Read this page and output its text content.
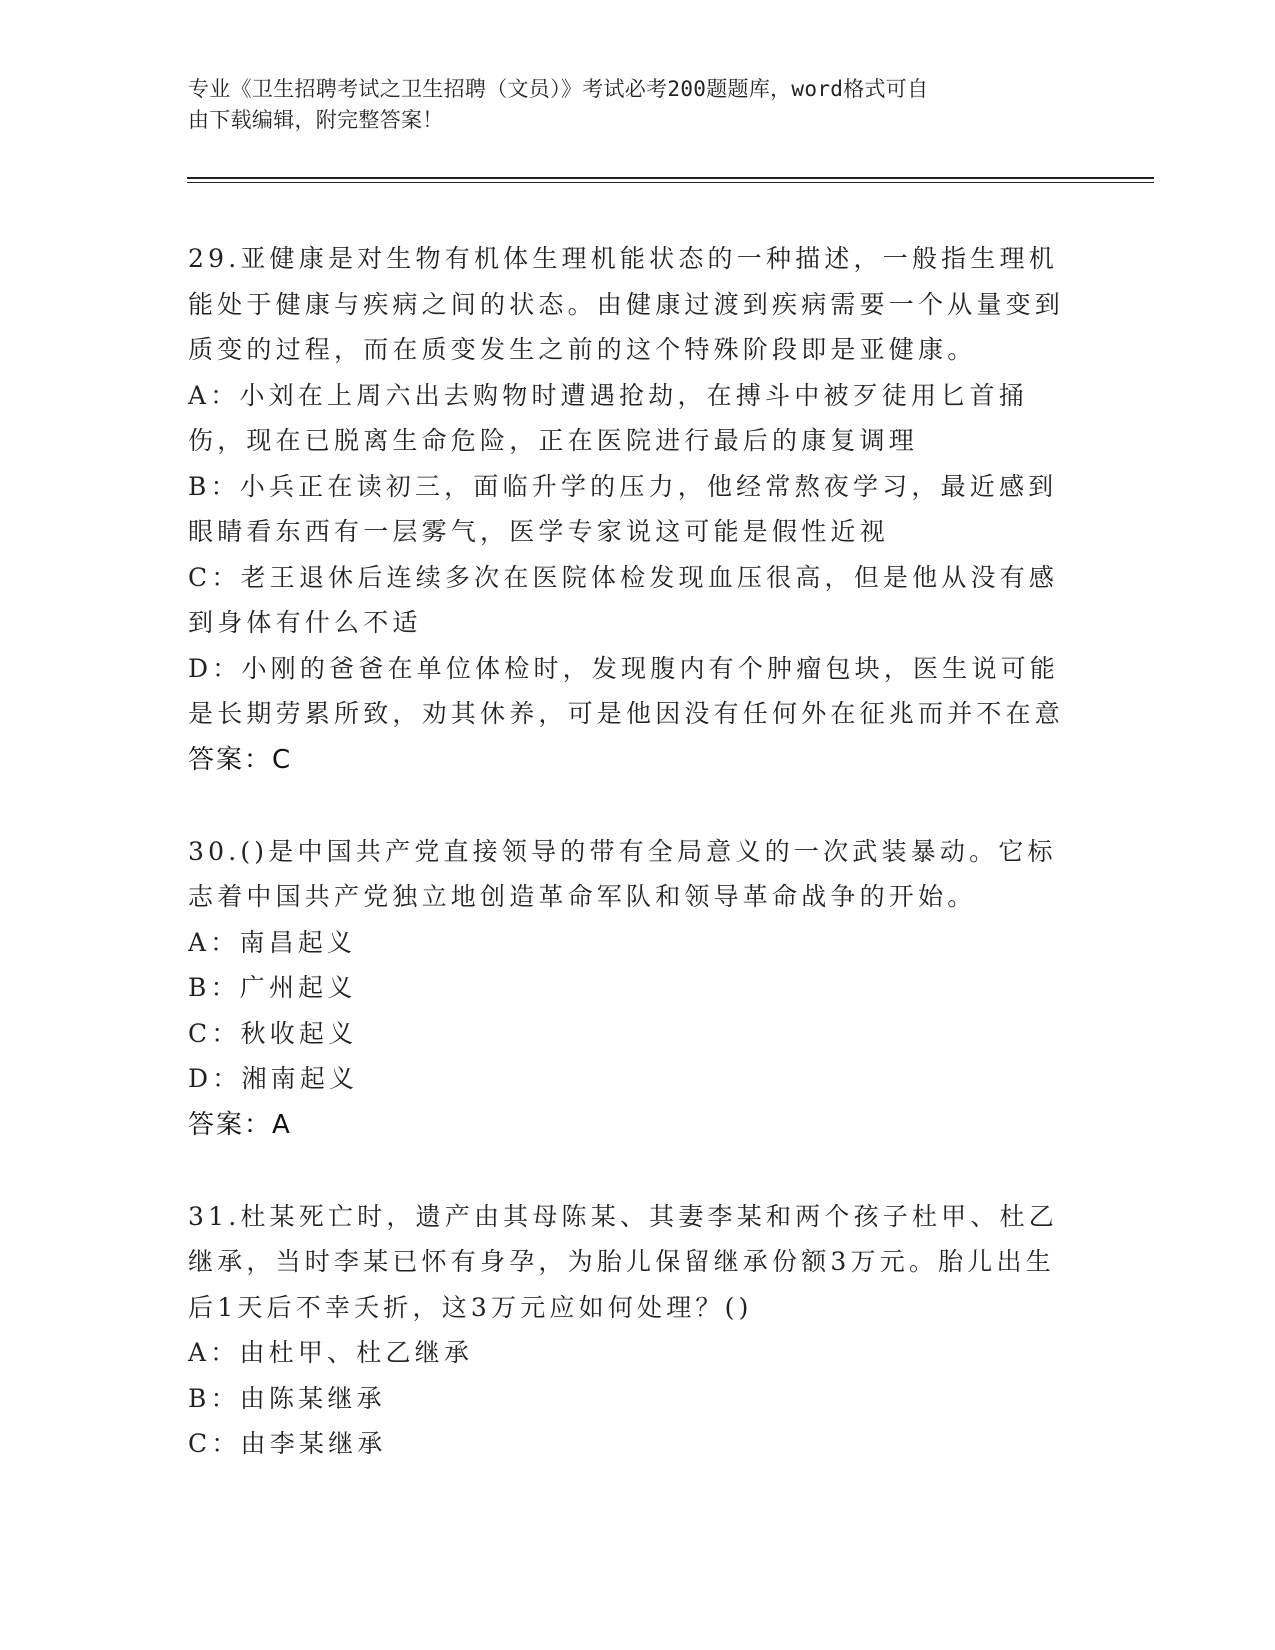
专业《卫生招聘考试之卫生招聘（文员）》考试必考200题题库，word格式可自
由下载编辑，附完整答案！
29.亚健康是对生物有机体生理机能状态的一种描述，一般指生理机能处于健康与疾病之间的状态。由健康过渡到疾病需要一个从量变到质变的过程，而在质变发生之前的这个特殊阶段即是亚健康。
A：小刘在上周六出去购物时遭遇抢劫，在搏斗中被歹徒用匕首捅伤，现在已脱离生命危险，正在医院进行最后的康复调理
B：小兵正在读初三，面临升学的压力，他经常熬夜学习，最近感到眼睛看东西有一层雾气，医学专家说这可能是假性近视
C：老王退休后连续多次在医院体检发现血压很高，但是他从没有感到身体有什么不适
D：小刚的爸爸在单位体检时，发现腹内有个肿瘤包块，医生说可能是长期劳累所致，劝其休养，可是他因没有任何外在征兆而并不在意
答案：C
30.()是中国共产党直接领导的带有全局意义的一次武装暴动。它标志着中国共产党独立地创造革命军队和领导革命战争的开始。
A：南昌起义
B：广州起义
C：秋收起义
D：湘南起义
答案：A
31.杜某死亡时，遗产由其母陈某、其妻李某和两个孩子杜甲、杜乙继承，当时李某已怀有身孕，为胎儿保留继承份额3万元。胎儿出生后1天后不幸夭折，这3万元应如何处理？()
A：由杜甲、杜乙继承
B：由陈某继承
C：由李某继承
